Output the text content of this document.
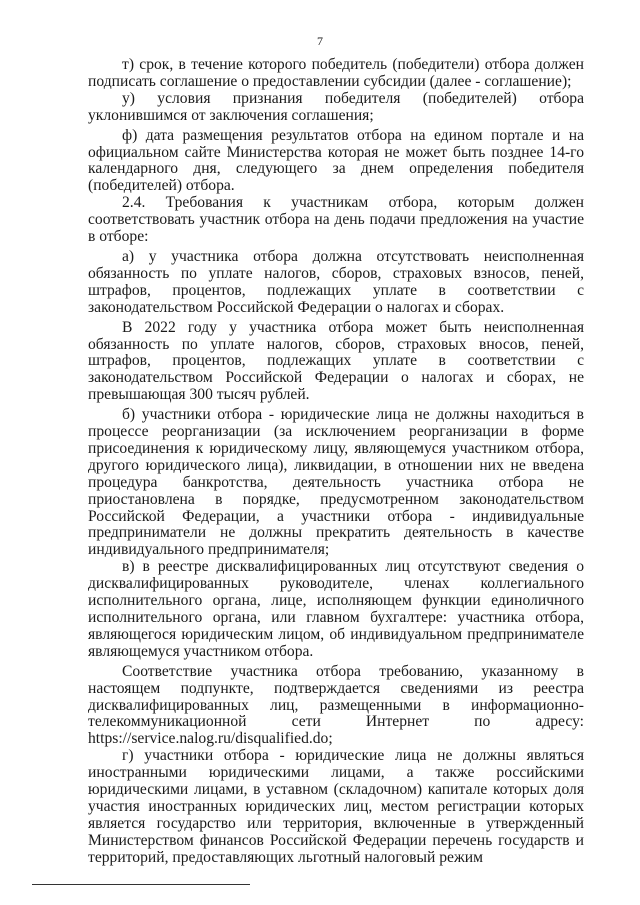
7

т) срок, в течение которого победитель (победители) отбора должен подписать соглашение о предоставлении субсидии (далее - соглашение);

у) условия признания победителя (победителей) отбора уклонившимся от заключения соглашения;

ф) дата размещения результатов отбора на едином портале и на официальном сайте Министерства которая не может быть позднее 14-го календарного дня, следующего за днем определения победителя (победителей) отбора.

2.4. Требования к участникам отбора, которым должен соответствовать участник отбора на день подачи предложения на участие в отборе:

а) у участника отбора должна отсутствовать неисполненная обязанность по уплате налогов, сборов, страховых взносов, пеней, штрафов, процентов, подлежащих уплате в соответствии с законодательством Российской Федерации о налогах и сборах.

В 2022 году у участника отбора может быть неисполненная обязанность по уплате налогов, сборов, страховых вносов, пеней, штрафов, процентов, подлежащих уплате в соответствии с законодательством Российской Федерации о налогах и сборах, не превышающая 300 тысяч рублей.

б) участники отбора - юридические лица не должны находиться в процессе реорганизации (за исключением реорганизации в форме присоединения к юридическому лицу, являющемуся участником отбора, другого юридического лица), ликвидации, в отношении них не введена процедура банкротства, деятельность участника отбора не приостановлена в порядке, предусмотренном законодательством Российской Федерации, а участники отбора - индивидуальные предприниматели не должны прекратить деятельность в качестве индивидуального предпринимателя;

в) в реестре дисквалифицированных лиц отсутствуют сведения о дисквалифицированных руководителе, членах коллегиального исполнительного органа, лице, исполняющем функции единоличного исполнительного органа, или главном бухгалтере: участника отбора, являющегося юридическим лицом, об индивидуальном предпринимателе являющемуся участником отбора.

Соответствие участника отбора требованию, указанному в настоящем подпункте, подтверждается сведениями из реестра дисквалифицированных лиц, размещенными в информационно-телекоммуникационной сети Интернет по адресу: https://service.nalog.ru/disqualified.do;

г) участники отбора - юридические лица не должны являться иностранными юридическими лицами, а также российскими юридическими лицами, в уставном (складочном) капитале которых доля участия иностранных юридических лиц, местом регистрации которых является государство или территория, включенные в утвержденный Министерством финансов Российской Федерации перечень государств и территорий, предоставляющих льготный налоговый режим
